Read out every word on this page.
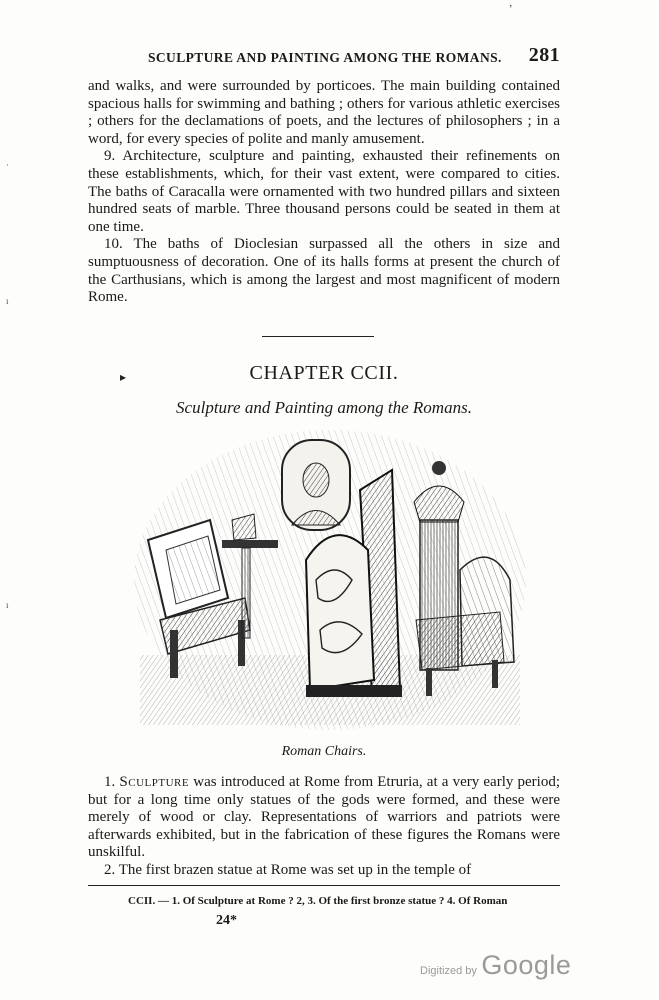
ʼ
·
ı
ı
▸
SCULPTURE AND PAINTING AMONG THE ROMANS. 281

and walks, and were surrounded by porticoes. The main building contained spacious halls for swimming and bathing ; others for various athletic exercises ; others for the declamations of poets, and the lectures of philosophers ; in a word, for every species of polite and manly amusement.

9. Architecture, sculpture and painting, exhausted their refinements on these establishments, which, for their vast extent, were compared to cities. The baths of Caracalla were ornamented with two hundred pillars and sixteen hundred seats of marble. Three thousand persons could be seated in them at one time.

10. The baths of Dioclesian surpassed all the others in size and sumptuousness of decoration. One of its halls forms at present the church of the Carthusians, which is among the largest and most magnificent of modern Rome.

CHAPTER CCII.
Sculpture and Painting among the Romans.
Roman Chairs.

1. Sculpture was introduced at Rome from Etruria, at a very early period; but for a long time only statues of the gods were formed, and these were merely of wood or clay. Representations of warriors and patriots were afterwards exhibited, but in the fabrication of these figures the Romans were unskilful.

2. The first brazen statue at Rome was set up in the temple of

CCII. — 1. Of Sculpture at Rome ? 2, 3. Of the first bronze statue ? 4. Of Roman
24*
Digitized by Google
